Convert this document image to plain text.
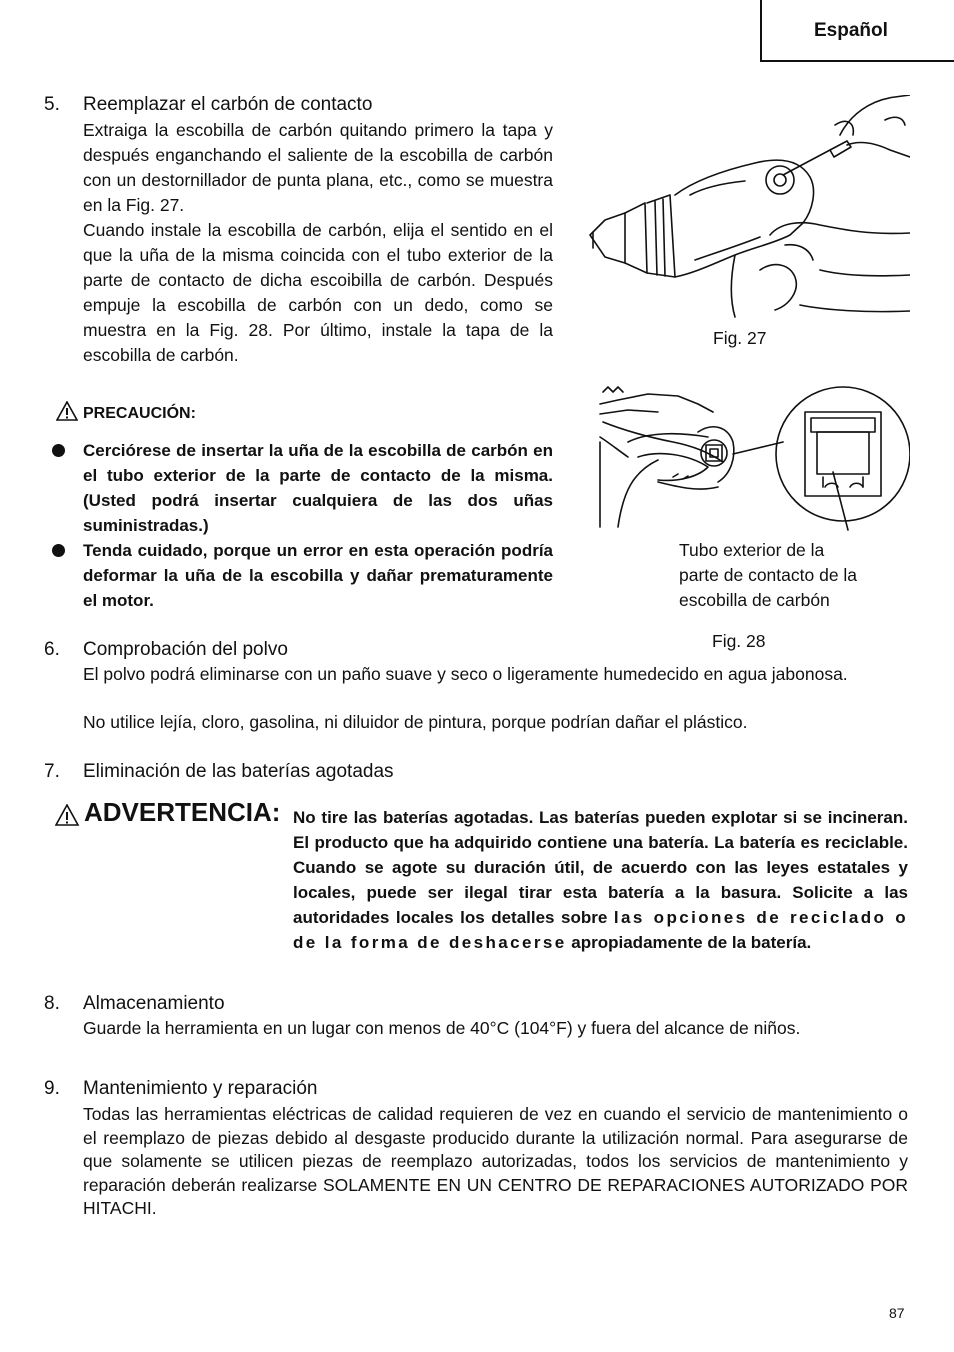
Español
5. Reemplazar el carbón de contacto
Extraiga la escobilla de carbón quitando primero la tapa y después enganchando el saliente de la escobilla de carbón con un destornillador de punta plana, etc., como se muestra en la Fig. 27.
Cuando instale la escobilla de carbón, elija el sentido en el que la uña de la misma coincida con el tubo exterior de la parte de contacto de dicha escoibilla de carbón. Después empuje la escobilla de carbón con un dedo, como se muestra en la Fig. 28. Por último, instale la tapa de la escobilla de carbón.
PRECAUCIÓN:
Cerciórese de insertar la uña de la escobilla de carbón en el tubo exterior de la parte de contacto de la misma. (Usted podrá insertar cualquiera de las dos uñas suministradas.)
Tenda cuidado, porque un error en esta operación podría deformar la uña de la escobilla y dañar prematuramente el motor.
Fig. 27
Tubo exterior de la
parte de contacto de la
escobilla de carbón
Fig. 28
6. Comprobación del polvo
El polvo podrá eliminarse con un paño suave y seco o ligeramente humedecido en agua jabonosa.
No utilice lejía, cloro, gasolina, ni diluidor de pintura, porque podrían dañar el plástico.
7. Eliminación de las baterías agotadas
ADVERTENCIA: No tire las baterías agotadas. Las baterías pueden explotar si se incineran. El producto que ha adquirido contiene una batería. La batería es reciclable. Cuando se agote su duración útil, de acuerdo con las leyes estatales y locales, puede ser ilegal tirar esta batería a la basura. Solicite a las autoridades locales los detalles sobre las opciones de reciclado o de la forma de deshacerse apropiadamente de la batería.
8. Almacenamiento
Guarde la herramienta en un lugar con menos de 40°C (104°F) y fuera del alcance de niños.
9. Mantenimiento y reparación
Todas las herramientas eléctricas de calidad requieren de vez en cuando el servicio de mantenimiento o el reemplazo de piezas debido al desgaste producido durante la utilización normal. Para asegurarse de que solamente se utilicen piezas de reemplazo autorizadas, todos los servicios de mantenimiento y reparación deberán realizarse SOLAMENTE EN UN CENTRO DE REPARACIONES AUTORIZADO POR HITACHI.
87
